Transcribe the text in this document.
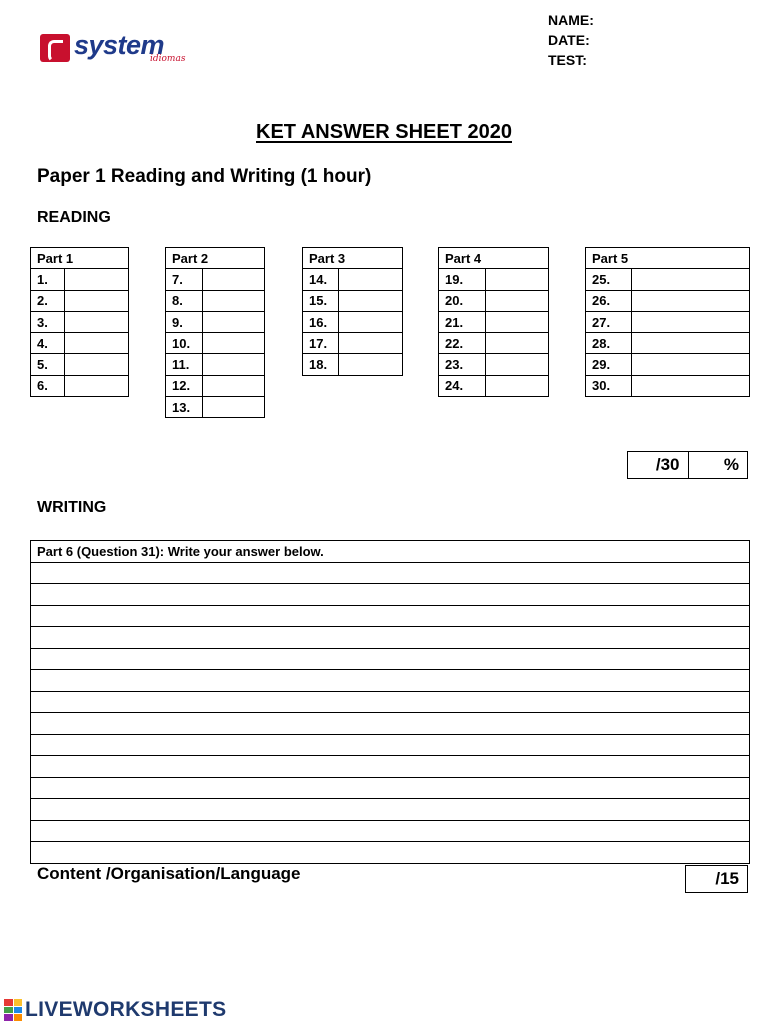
system
idiomas
NAME:
DATE:
TEST:
KET ANSWER SHEET 2020
Paper 1 Reading and Writing (1 hour)
READING
Part 1	
1.	
2.	
3.	
4.	
5.	
6.	
Part 2	
7.	
8.	
9.	
10.	
11.	
12.	
13.	
Part 3	
14.	
15.	
16.	
17.	
18.	
Part 4	
19.	
20.	
21.	
22.	
23.	
24.	
Part 5	
25.	
26.	
27.	
28.	
29.	
30.	
/30	%
WRITING
Part 6 (Question 31): Write your answer below.

Content /Organisation/Language	/15
LIVEWORKSHEETS
